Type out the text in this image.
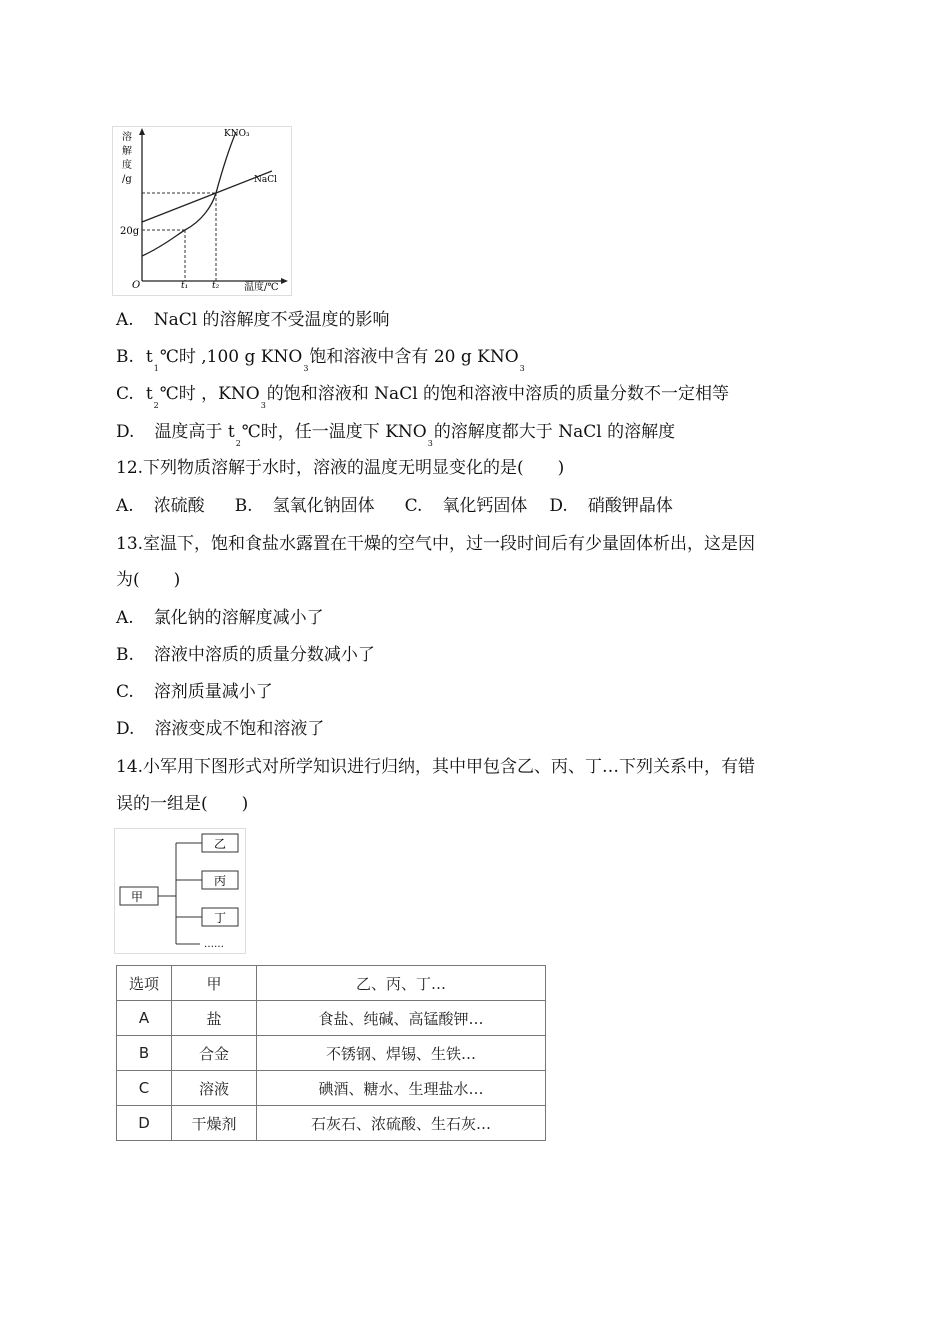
溶
解
度
/g
20g
O	t₁	t₂ 温度/℃
KNO₃
NaCl
A. NaCl 的溶解度不受温度的影响
B. $t_1℃$时 ,100 g $KNO_3$饱和溶液中含有 20 g $KNO_3$
C. $t_2℃$时 ，$KNO_3$的饱和溶液和 NaCl 的饱和溶液中溶质的质量分数不一定相等
D. 温度高于 $t_2℃$时，任一温度下 $KNO_3$的溶解度都大于 NaCl 的溶解度
12.下列物质溶解于水时，溶液的温度无明显变化的是(　　)
A. 浓硫酸 B. 氢氧化钠固体 C. 氧化钙固体 D. 硝酸钾晶体
13.室温下，饱和食盐水露置在干燥的空气中，过一段时间后有少量固体析出，这是因
为(　　)
A. 氯化钠的溶解度减小了
B. 溶液中溶质的质量分数减小了
C. 溶剂质量减小了
D. 溶液变成不饱和溶液了
14.小军用下图形式对所学知识进行归纳，其中甲包含乙、丙、丁…下列关系中，有错
误的一组是(　　)
甲
乙
丙
丁
……
选项	甲	乙、丙、丁…
A	盐	食盐、纯碱、高锰酸钾…
B	合金	不锈钢、焊锡、生铁…
C	溶液	碘酒、糖水、生理盐水…
D	干燥剂	石灰石、浓硫酸、生石灰…
